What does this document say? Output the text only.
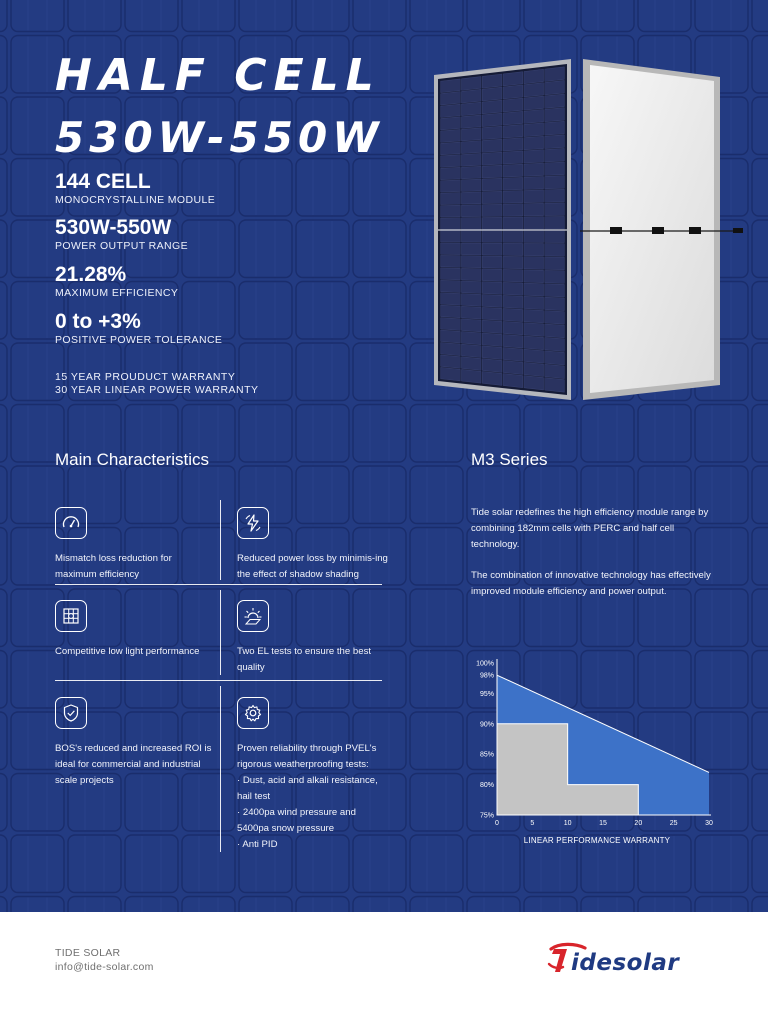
HALF CELL
530W-550W
144 CELL
MONOCRYSTALLINE MODULE
530W-550W
POWER OUTPUT RANGE
21.28%
MAXIMUM EFFICIENCY
0 to +3%
POSITIVE POWER TOLERANCE
15 YEAR PROUDUCT WARRANTY
30 YEAR LINEAR POWER WARRANTY
Main Characteristics
Mismatch loss reduction for maximum efficiency
Reduced power loss by minimis-ing the effect of shadow shading
Competitive low light performance	Two EL tests to ensure the best quality
BOS's reduced and increased ROI is ideal for commercial and industrial scale projects
Proven reliability through PVEL's
rigorous weatherproofing tests:
· Dust, acid and alkali resistance,
hail test
· 2400pa wind pressure and
5400pa snow pressure
· Anti PID
M3 Series
Tide solar redefines the high efficiency module range by combining 182mm cells with PERC and half cell technology.
The combination of innovative technology has effectively improved module efficiency and power output.
75%
80%
85%
90%
95%
98%
100%
0	5	10	15	20	25	30
LINEAR PERFORMANCE WARRANTY
TIDE SOLAR
info@tide-solar.com	idesolar
